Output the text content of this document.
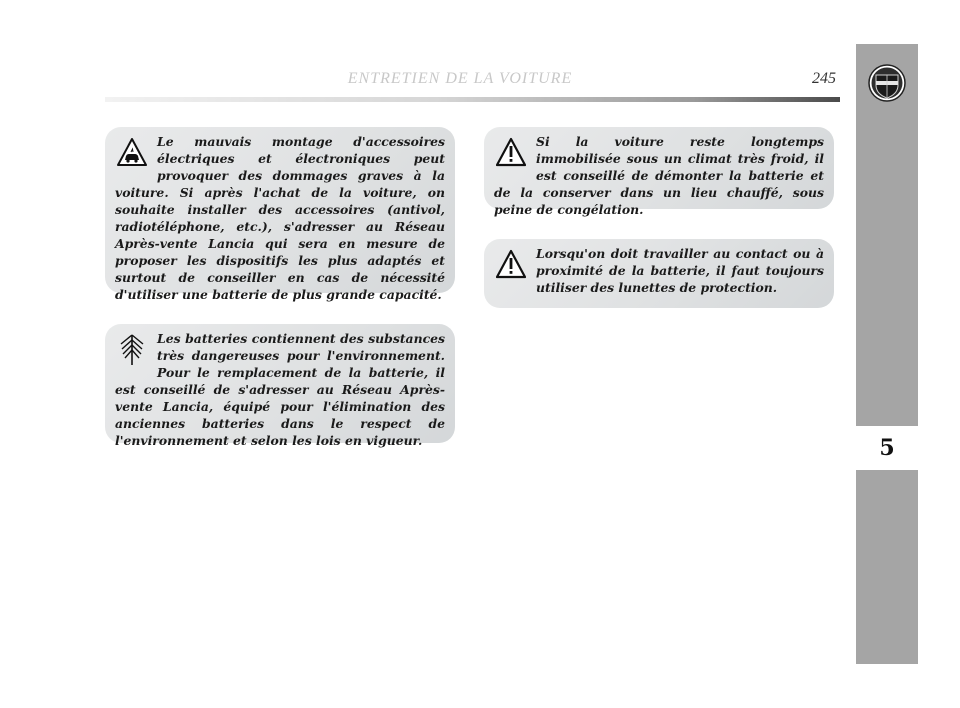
ENTRETIEN DE LA VOITURE	245
5

Le mauvais montage d'accessoires électriques et électroniques peut provoquer des dommages graves à la voiture. Si après l'achat de la voiture, on souhaite installer des accessoires (antivol, radiotéléphone, etc.), s'adresser au Réseau Après-vente Lancia qui sera en mesure de proposer les dispositifs les plus adaptés et surtout de conseiller en cas de nécessité d'utiliser une batterie de plus grande capacité.

Les batteries contiennent des substances très dangereuses pour l'environnement. Pour le remplacement de la batterie, il est conseillé de s'adresser au Réseau Après-vente Lancia, équipé pour l'élimination des anciennes batteries dans le respect de l'environnement et selon les lois en vigueur.

Si la voiture reste longtemps immobilisée sous un climat très froid, il est conseillé de démonter la batterie et de la conserver dans un lieu chauffé, sous peine de congélation.

Lorsqu'on doit travailler au contact ou à proximité de la batterie, il faut toujours utiliser des lunettes de protection.
